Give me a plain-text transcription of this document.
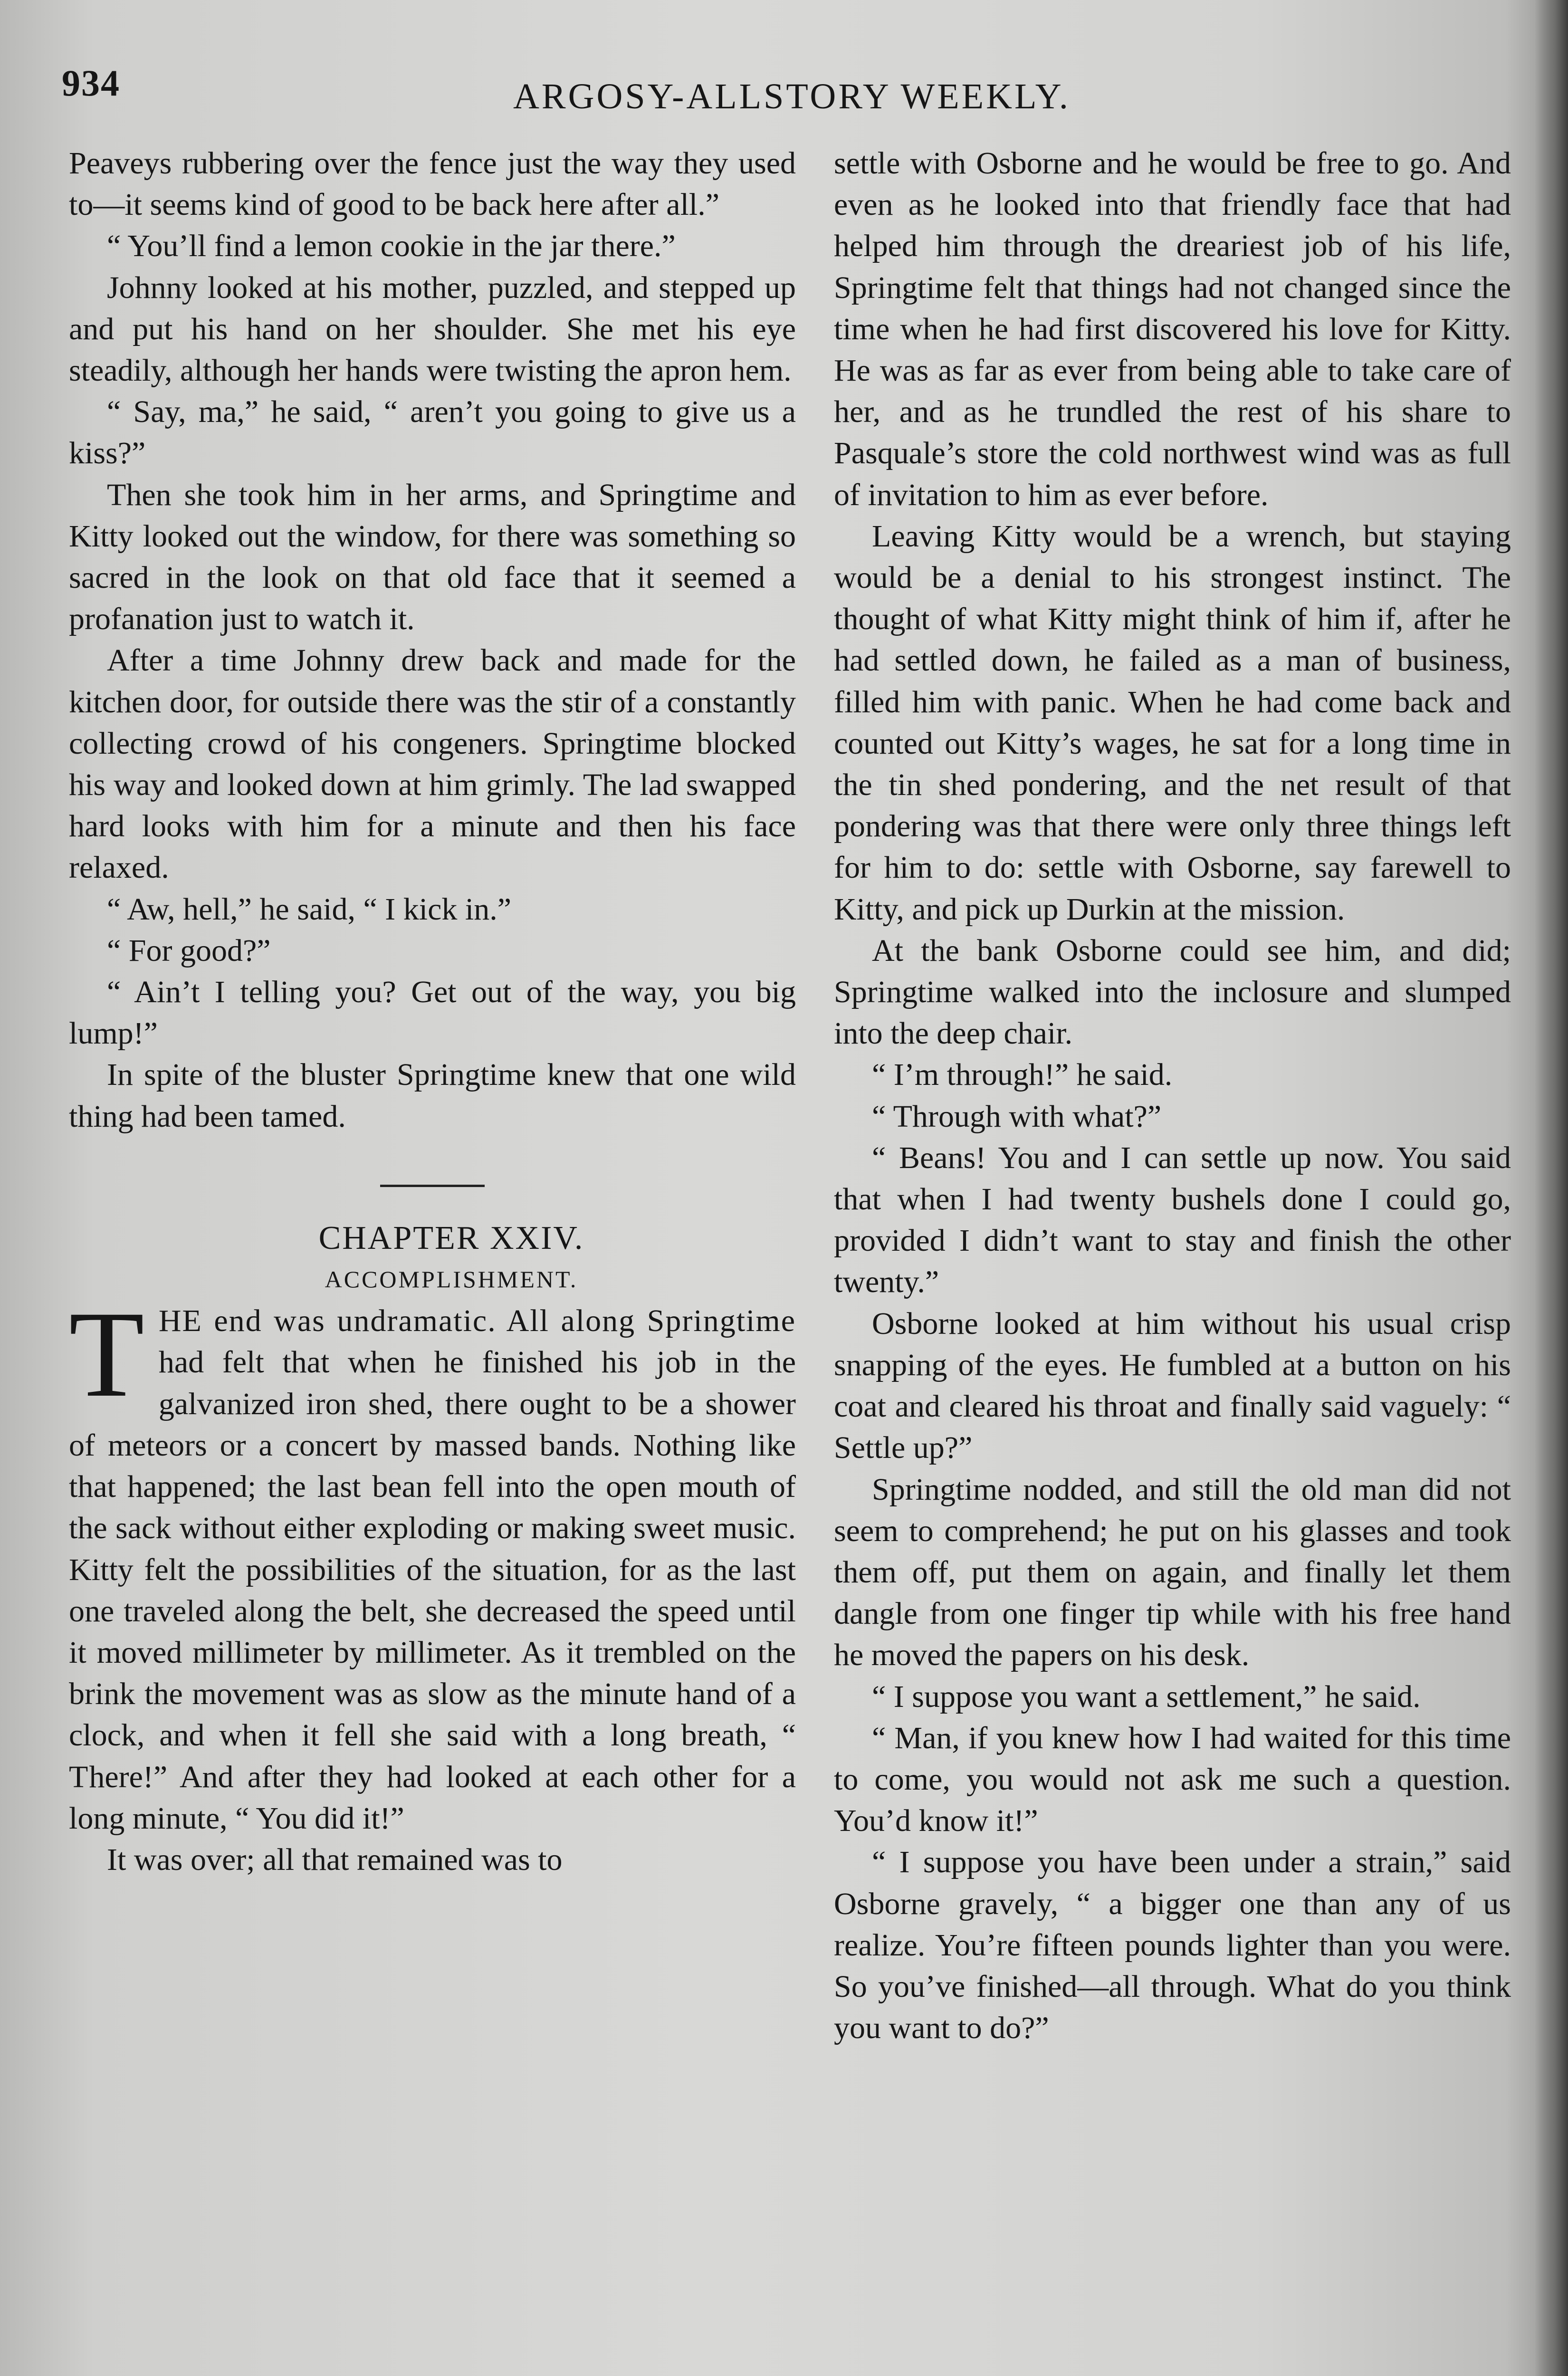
934	ARGOSY-ALLSTORY WEEKLY.

Peaveys rubbering over the fence just the way they used to—it seems kind of good to be back here after all.”

“ You’ll find a lemon cookie in the jar there.”

Johnny looked at his mother, puzzled, and stepped up and put his hand on her shoulder. She met his eye steadily, although her hands were twisting the apron hem.

“ Say, ma,” he said, “ aren’t you going to give us a kiss?”

Then she took him in her arms, and Springtime and Kitty looked out the window, for there was something so sacred in the look on that old face that it seemed a profanation just to watch it.

After a time Johnny drew back and made for the kitchen door, for outside there was the stir of a constantly collecting crowd of his congeners. Springtime blocked his way and looked down at him grimly. The lad swapped hard looks with him for a minute and then his face relaxed.

“ Aw, hell,” he said, “ I kick in.”

“ For good?”

“ Ain’t I telling you? Get out of the way, you big lump!”

In spite of the bluster Springtime knew that one wild thing had been tamed.

CHAPTER XXIV.

ACCOMPLISHMENT.

THE end was undramatic. All along Springtime had felt that when he finished his job in the galvanized iron shed, there ought to be a shower of meteors or a concert by massed bands. Nothing like that happened; the last bean fell into the open mouth of the sack without either exploding or making sweet music. Kitty felt the possibilities of the situation, for as the last one traveled along the belt, she decreased the speed until it moved millimeter by millimeter. As it trembled on the brink the movement was as slow as the minute hand of a clock, and when it fell she said with a long breath, “ There!” And after they had looked at each other for a long minute, “ You did it!”

It was over; all that remained was to

settle with Osborne and he would be free to go. And even as he looked into that friendly face that had helped him through the dreariest job of his life, Springtime felt that things had not changed since the time when he had first discovered his love for Kitty. He was as far as ever from being able to take care of her, and as he trundled the rest of his share to Pasquale’s store the cold northwest wind was as full of invitation to him as ever before.

Leaving Kitty would be a wrench, but staying would be a denial to his strongest instinct. The thought of what Kitty might think of him if, after he had settled down, he failed as a man of business, filled him with panic. When he had come back and counted out Kitty’s wages, he sat for a long time in the tin shed pondering, and the net result of that pondering was that there were only three things left for him to do: settle with Osborne, say farewell to Kitty, and pick up Durkin at the mission.

At the bank Osborne could see him, and did; Springtime walked into the inclosure and slumped into the deep chair.

“ I’m through!” he said.

“ Through with what?”

“ Beans! You and I can settle up now. You said that when I had twenty bushels done I could go, provided I didn’t want to stay and finish the other twenty.”

Osborne looked at him without his usual crisp snapping of the eyes. He fumbled at a button on his coat and cleared his throat and finally said vaguely: “ Settle up?”

Springtime nodded, and still the old man did not seem to comprehend; he put on his glasses and took them off, put them on again, and finally let them dangle from one finger tip while with his free hand he moved the papers on his desk.

“ I suppose you want a settlement,” he said.

“ Man, if you knew how I had waited for this time to come, you would not ask me such a question. You’d know it!”

“ I suppose you have been under a strain,” said Osborne gravely, “ a bigger one than any of us realize. You’re fifteen pounds lighter than you were. So you’ve finished—all through. What do you think you want to do?”
